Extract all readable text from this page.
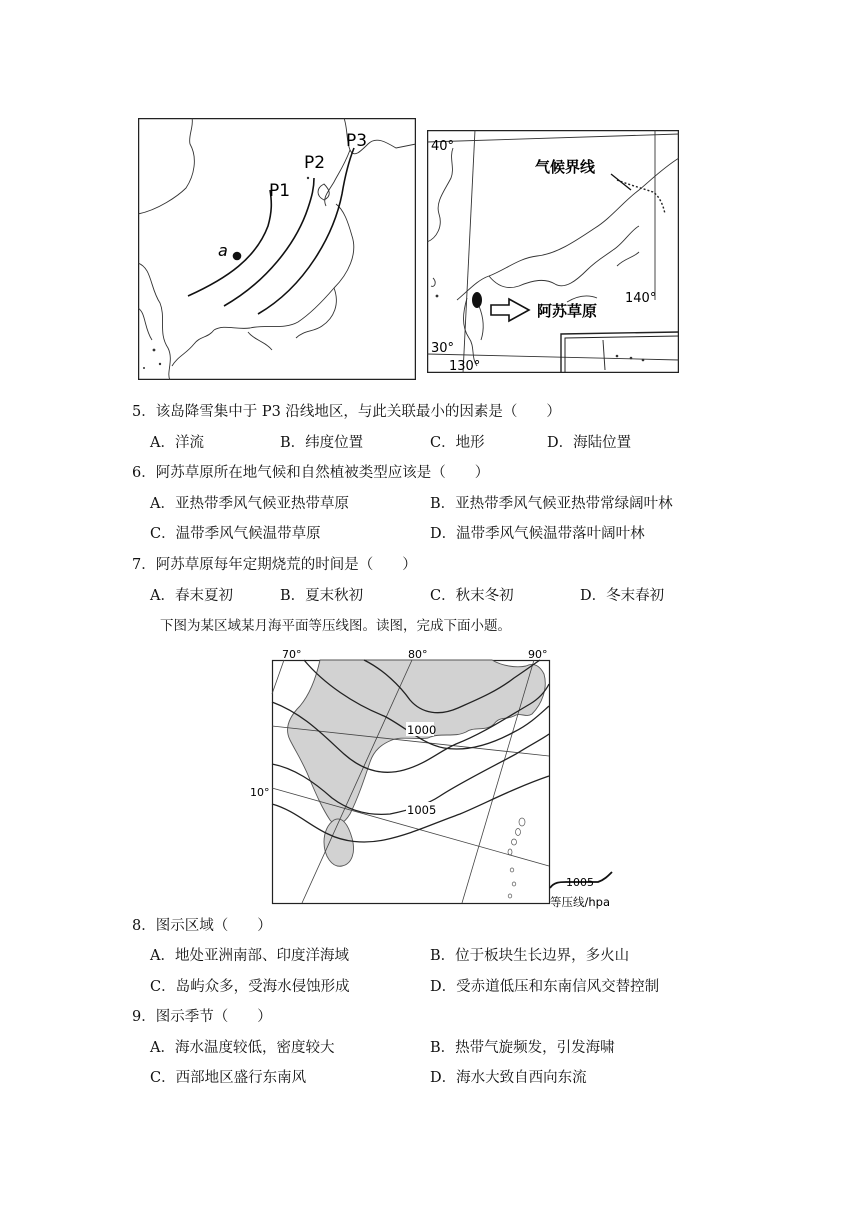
a
P1
P2
P3
阿苏草原
气候界线
40°
30°
130°
140°
5．该岛降雪集中于 P3 沿线地区，与此关联最小的因素是（　　）
A．洋流	B．纬度位置	C．地形	D．海陆位置
6．阿苏草原所在地气候和自然植被类型应该是（　　）
A．亚热带季风气候亚热带草原	B．亚热带季风气候亚热带常绿阔叶林
C．温带季风气候温带草原	D．温带季风气候温带落叶阔叶林
7．阿苏草原每年定期烧荒的时间是（　　）
A．春末夏初	B．夏末秋初	C．秋末冬初	D．冬末春初
下图为某区域某月海平面等压线图。读图，完成下面小题。
1000
1005
70°	80°	90°
10°
1005
等压线/hpa
8．图示区域（　　）
A．地处亚洲南部、印度洋海域	B．位于板块生长边界，多火山
C．岛屿众多，受海水侵蚀形成	D．受赤道低压和东南信风交替控制
9．图示季节（　　）
A．海水温度较低，密度较大	B．热带气旋频发，引发海啸
C．西部地区盛行东南风	D．海水大致自西向东流
